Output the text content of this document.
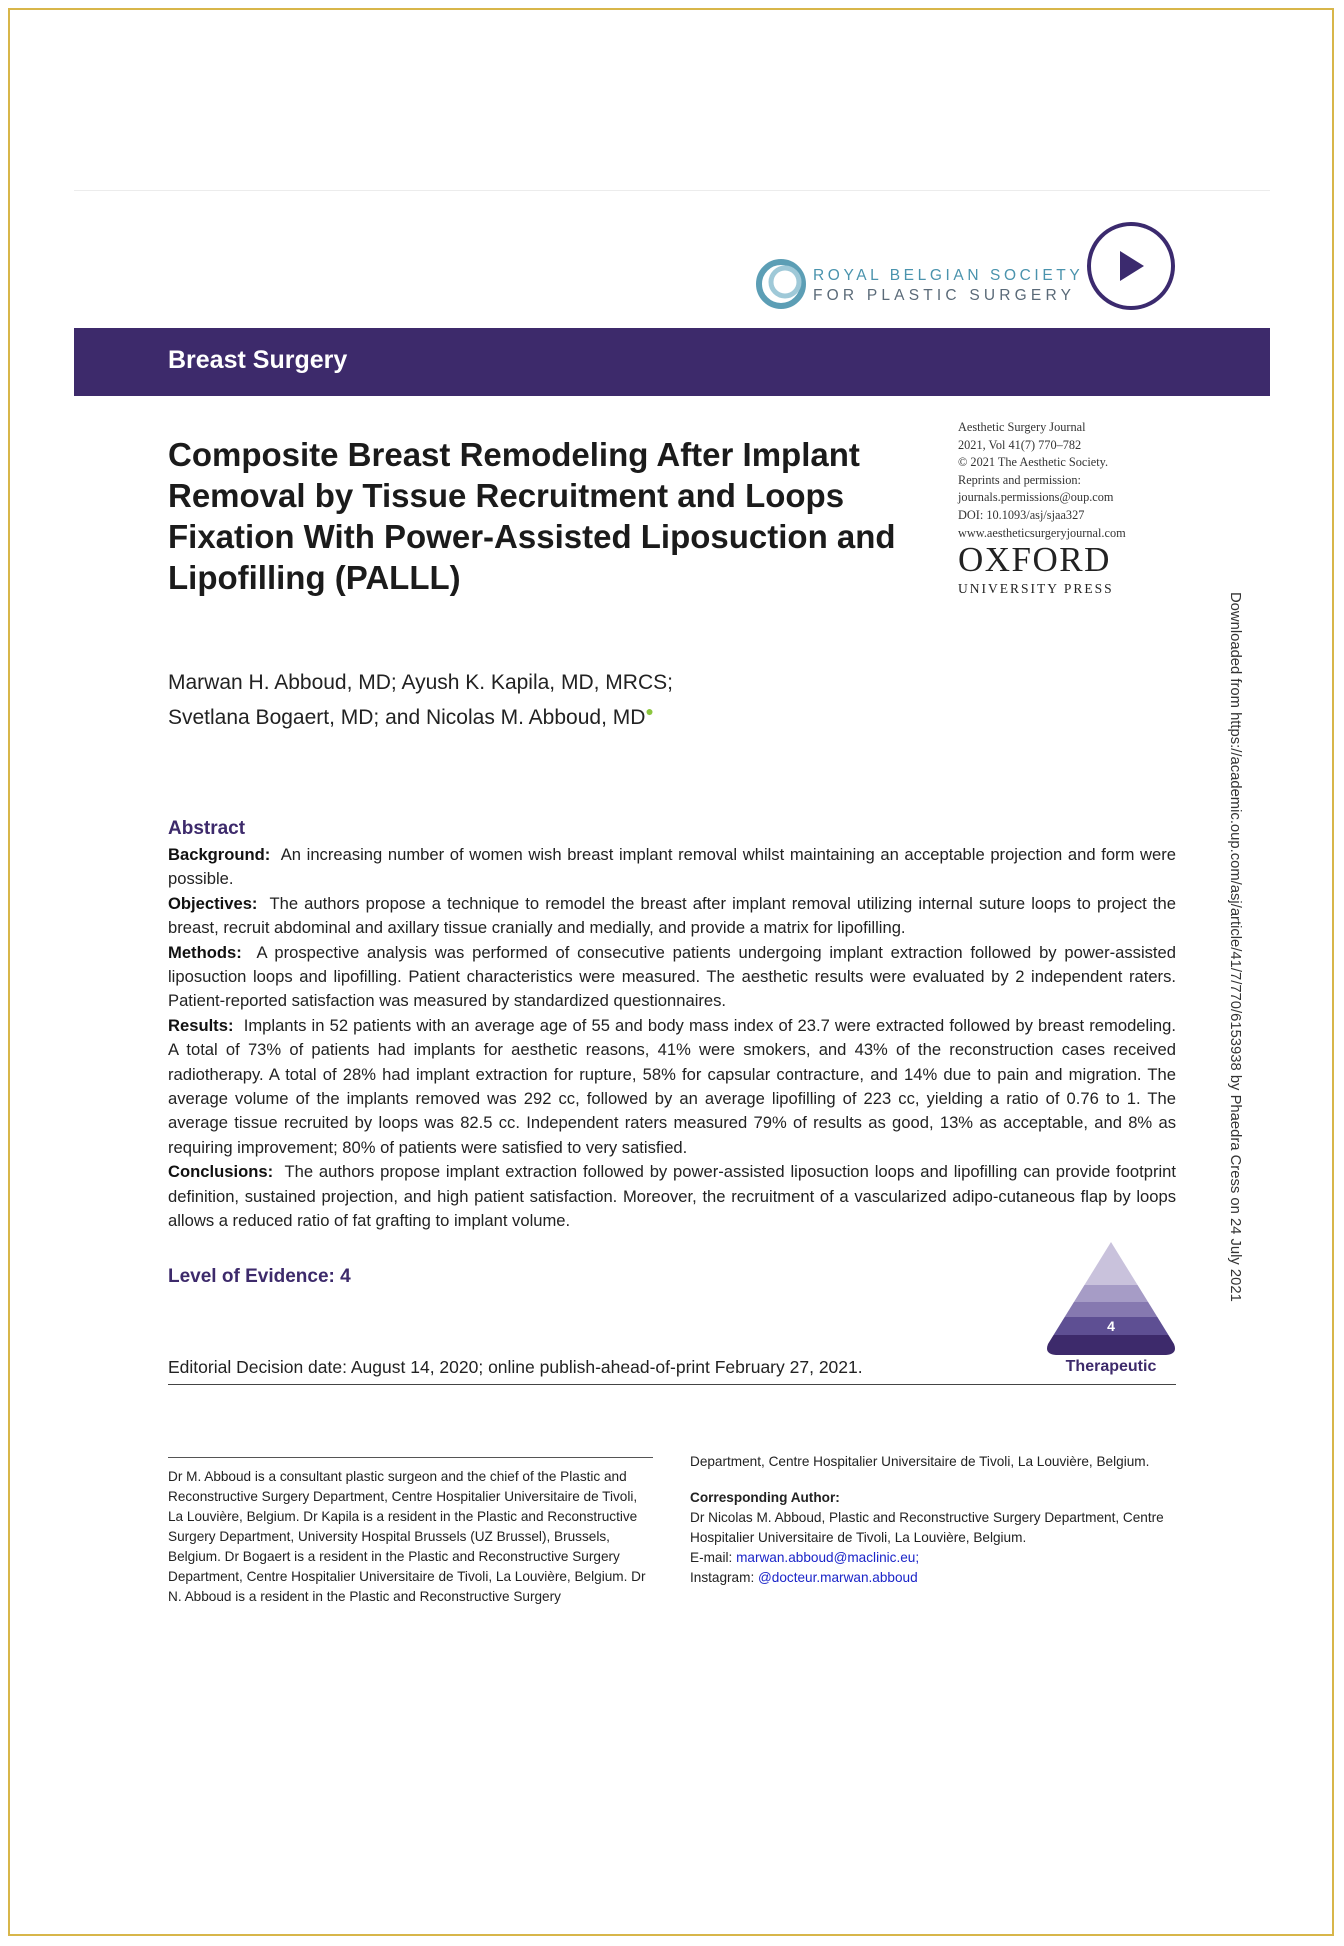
ROYAL BELGIAN SOCIETY
FOR PLASTIC SURGERY
Breast Surgery
Composite Breast Remodeling After Implant Removal by Tissue Recruitment and Loops Fixation With Power-Assisted Liposuction and Lipofilling (PALLL)
Aesthetic Surgery Journal
2021, Vol 41(7) 770–782
© 2021 The Aesthetic Society.
Reprints and permission:
journals.permissions@oup.com
DOI: 10.1093/asj/sjaa327
www.aestheticsurgeryjournal.com
OXFORD
UNIVERSITY PRESS
Marwan H. Abboud, MD; Ayush K. Kapila, MD, MRCS;
Svetlana Bogaert, MD; and Nicolas M. Abboud, MD●
Abstract

Background: An increasing number of women wish breast implant removal whilst maintaining an acceptable projection and form were possible.

Objectives: The authors propose a technique to remodel the breast after implant removal utilizing internal suture loops to project the breast, recruit abdominal and axillary tissue cranially and medially, and provide a matrix for lipofilling.

Methods: A prospective analysis was performed of consecutive patients undergoing implant extraction followed by power-assisted liposuction loops and lipofilling. Patient characteristics were measured. The aesthetic results were evaluated by 2 independent raters. Patient-reported satisfaction was measured by standardized questionnaires.

Results: Implants in 52 patients with an average age of 55 and body mass index of 23.7 were extracted followed by breast remodeling. A total of 73% of patients had implants for aesthetic reasons, 41% were smokers, and 43% of the reconstruction cases received radiotherapy. A total of 28% had implant extraction for rupture, 58% for capsular contracture, and 14% due to pain and migration. The average volume of the implants removed was 292 cc, followed by an average lipofilling of 223 cc, yielding a ratio of 0.76 to 1. The average tissue recruited by loops was 82.5 cc. Independent raters measured 79% of results as good, 13% as acceptable, and 8% as requiring improvement; 80% of patients were satisfied to very satisfied.

Conclusions: The authors propose implant extraction followed by power-assisted liposuction loops and lipofilling can provide footprint definition, sustained projection, and high patient satisfaction. Moreover, the recruitment of a vascularized adipo-cutaneous flap by loops allows a reduced ratio of fat grafting to implant volume.

Level of Evidence: 4
4
Therapeutic
Editorial Decision date: August 14, 2020; online publish-ahead-of-print February 27, 2021.
Dr M. Abboud is a consultant plastic surgeon and the chief of the Plastic and Reconstructive Surgery Department, Centre Hospitalier Universitaire de Tivoli, La Louvière, Belgium. Dr Kapila is a resident in the Plastic and Reconstructive Surgery Department, University Hospital Brussels (UZ Brussel), Brussels, Belgium. Dr Bogaert is a resident in the Plastic and Reconstructive Surgery Department, Centre Hospitalier Universitaire de Tivoli, La Louvière, Belgium. Dr N. Abboud is a resident in the Plastic and Reconstructive Surgery
Department, Centre Hospitalier Universitaire de Tivoli, La Louvière, Belgium.
Corresponding Author:
Dr Nicolas M. Abboud, Plastic and Reconstructive Surgery Department, Centre Hospitalier Universitaire de Tivoli, La Louvière, Belgium.
E-mail: marwan.abboud@maclinic.eu;
Instagram: @docteur.marwan.abboud
Downloaded from https://academic.oup.com/asj/article/41/7/770/6153938 by Phaedra Cress on 24 July 2021
